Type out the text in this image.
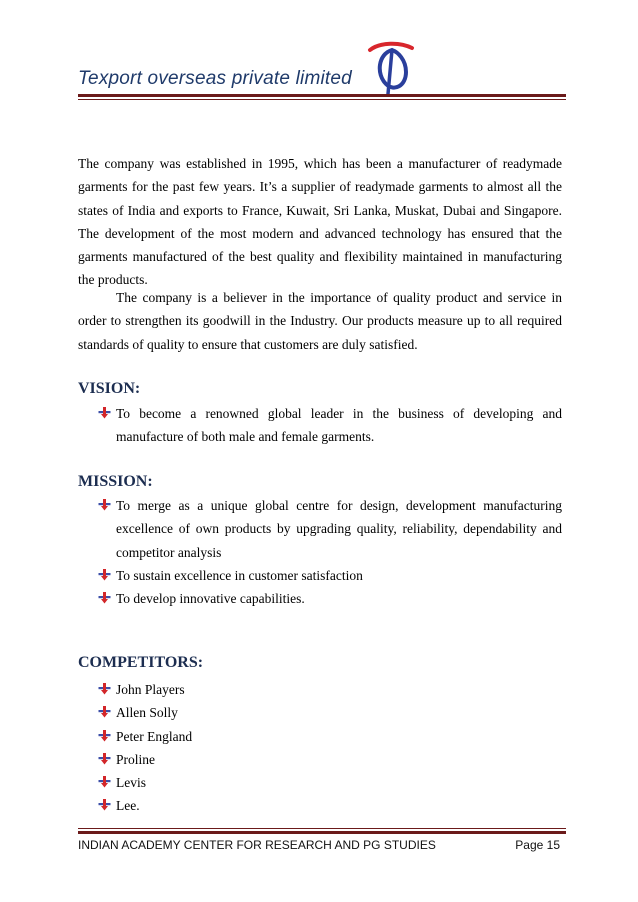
Texport overseas private limited

The company was established in 1995, which has been a manufacturer of readymade garments for the past few years. It’s a supplier of readymade garments to almost all the states of India and exports to France, Kuwait, Sri Lanka, Muskat, Dubai and Singapore. The development of the most modern and advanced technology has ensured that the garments manufactured of the best quality and flexibility maintained in manufacturing the products.

The company is a believer in the importance of quality product and service in order to strengthen its goodwill in the Industry. Our products measure up to all required standards of quality to ensure that customers are duly satisfied.

VISION:
To become a renowned global leader in the business of developing and manufacture of both male and female garments.
MISSION:
To merge as a unique global centre for design, development manufacturing excellence of own products by upgrading quality, reliability, dependability and competitor analysis
To sustain excellence in customer satisfaction
To develop innovative capabilities.
COMPETITORS:
John Players
Allen Solly
Peter England
Proline
Levis
Lee.
INDIAN ACADEMY CENTER FOR RESEARCH AND PG STUDIES	Page 15
